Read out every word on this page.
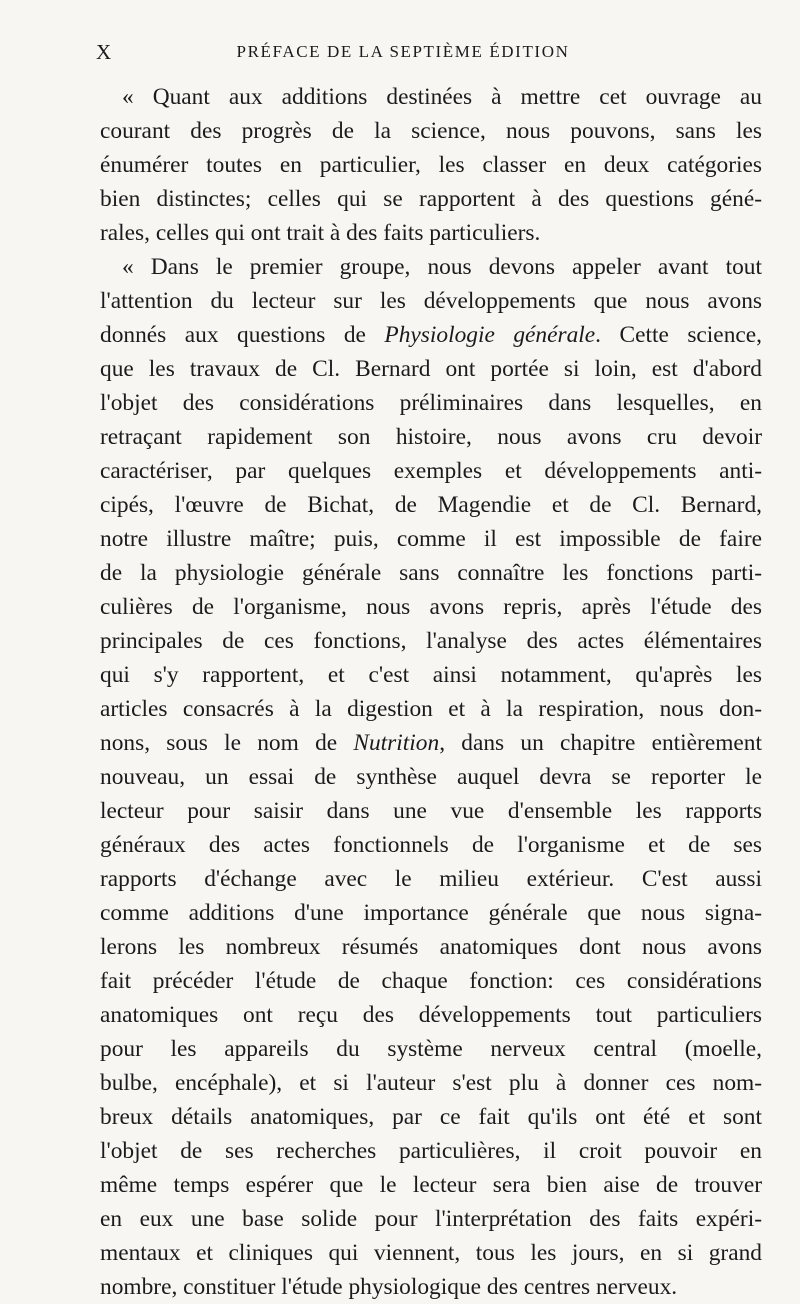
X	PRÉFACE DE LA SEPTIÈME ÉDITION
« Quant aux additions destinées à mettre cet ouvrage au
courant des progrès de la science, nous pouvons, sans les
énumérer toutes en particulier, les classer en deux catégories
bien distinctes; celles qui se rapportent à des questions géné-
rales, celles qui ont trait à des faits particuliers.
« Dans le premier groupe, nous devons appeler avant tout
l'attention du lecteur sur les développements que nous avons
donnés aux questions de Physiologie générale. Cette science,
que les travaux de Cl. Bernard ont portée si loin, est d'abord
l'objet des considérations préliminaires dans lesquelles, en
retraçant rapidement son histoire, nous avons cru devoir
caractériser, par quelques exemples et développements anti-
cipés, l'œuvre de Bichat, de Magendie et de Cl. Bernard,
notre illustre maître; puis, comme il est impossible de faire
de la physiologie générale sans connaître les fonctions parti-
culières de l'organisme, nous avons repris, après l'étude des
principales de ces fonctions, l'analyse des actes élémentaires
qui s'y rapportent, et c'est ainsi notamment, qu'après les
articles consacrés à la digestion et à la respiration, nous don-
nons, sous le nom de Nutrition, dans un chapitre entièrement
nouveau, un essai de synthèse auquel devra se reporter le
lecteur pour saisir dans une vue d'ensemble les rapports
généraux des actes fonctionnels de l'organisme et de ses
rapports d'échange avec le milieu extérieur. C'est aussi
comme additions d'une importance générale que nous signa-
lerons les nombreux résumés anatomiques dont nous avons
fait précéder l'étude de chaque fonction: ces considérations
anatomiques ont reçu des développements tout particuliers
pour les appareils du système nerveux central (moelle,
bulbe, encéphale), et si l'auteur s'est plu à donner ces nom-
breux détails anatomiques, par ce fait qu'ils ont été et sont
l'objet de ses recherches particulières, il croit pouvoir en
même temps espérer que le lecteur sera bien aise de trouver
en eux une base solide pour l'interprétation des faits expéri-
mentaux et cliniques qui viennent, tous les jours, en si grand
nombre, constituer l'étude physiologique des centres nerveux.
